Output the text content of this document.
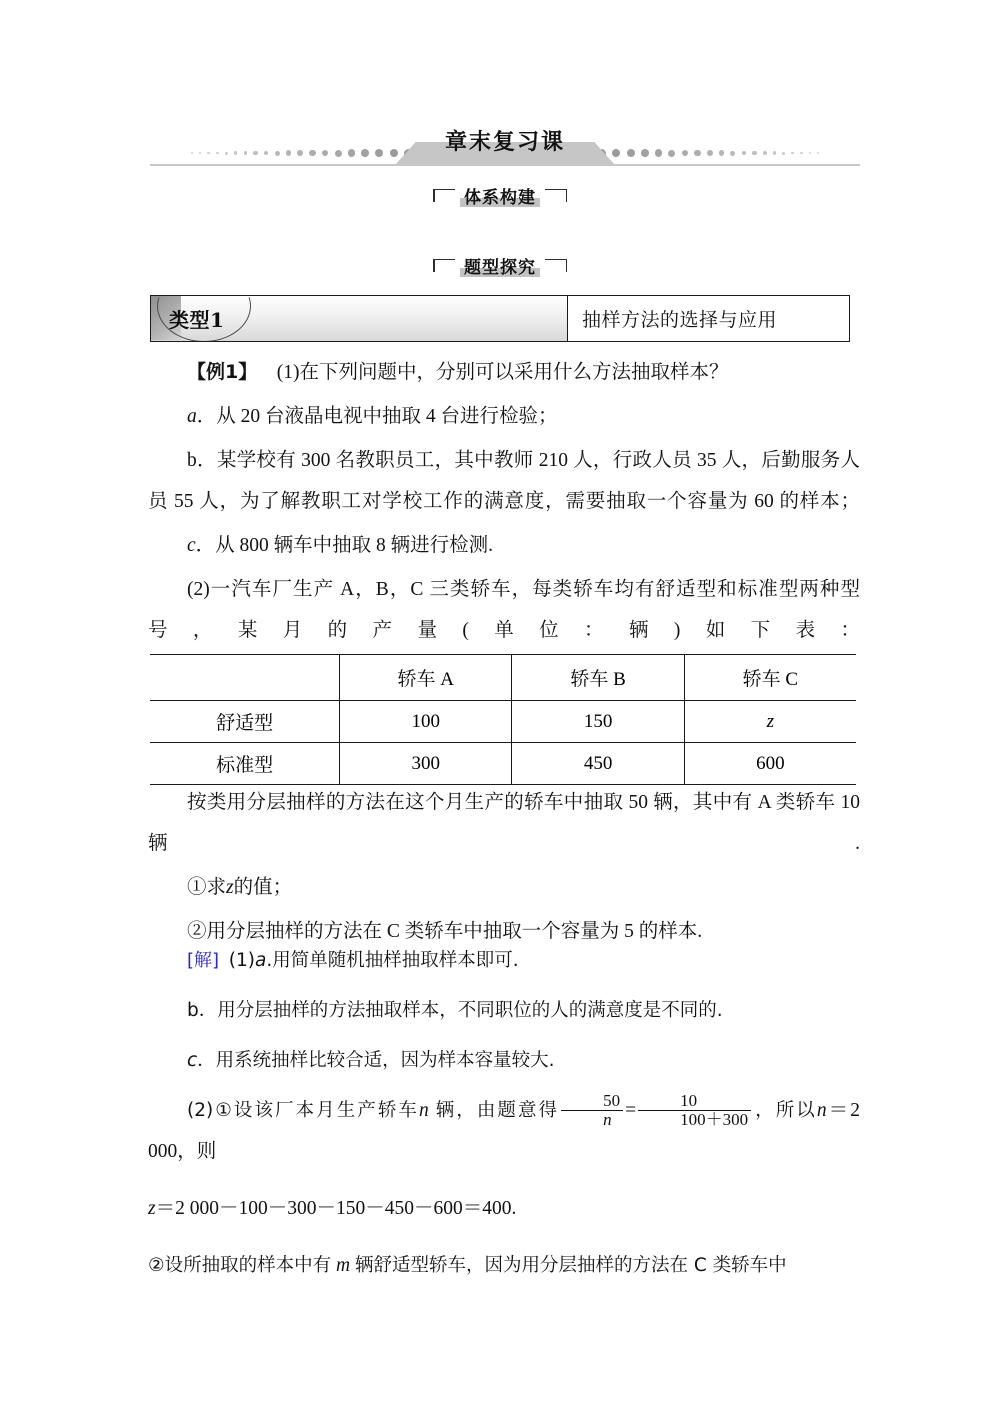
章末复习课
体系构建
题型探究
类型1	抽样方法的选择与应用

【例1】 (1)在下列问题中，分别可以采用什么方法抽取样本？

a．从 20 台液晶电视中抽取 4 台进行检验；

b．某学校有 300 名教职员工，其中教师 210 人，行政人员 35 人，后勤服务人员 55 人，为了解教职工对学校工作的满意度，需要抽取一个容量为 60 的样本；

c．从 800 辆车中抽取 8 辆进行检测.

(2)一汽车厂生产 A，B，C 三类轿车，每类轿车均有舒适型和标准型两种型号，某月的产量(单位：辆)如下表：

	轿车 A	轿车 B	轿车 C
舒适型	100	150	z
标准型	300	450	600

按类用分层抽样的方法在这个月生产的轿车中抽取 50 辆，其中有 A 类轿车 10 辆.

①求z的值；

②用分层抽样的方法在 C 类轿车中抽取一个容量为 5 的样本.

[解] (1)a.用简单随机抽样抽取样本即可.

b．用分层抽样的方法抽取样本，不同职位的人的满意度是不同的.

c．用系统抽样比较合适，因为样本容量较大.

(2)①设该厂本月生产轿车n 辆，由题意得 $\frac{50}{n} = \frac{10}{100+300}$ ，所以n＝2 000，则

z＝2 000－100－300－150－450－600＝400.

②设所抽取的样本中有 m 辆舒适型轿车，因为用分层抽样的方法在 C 类轿车中
